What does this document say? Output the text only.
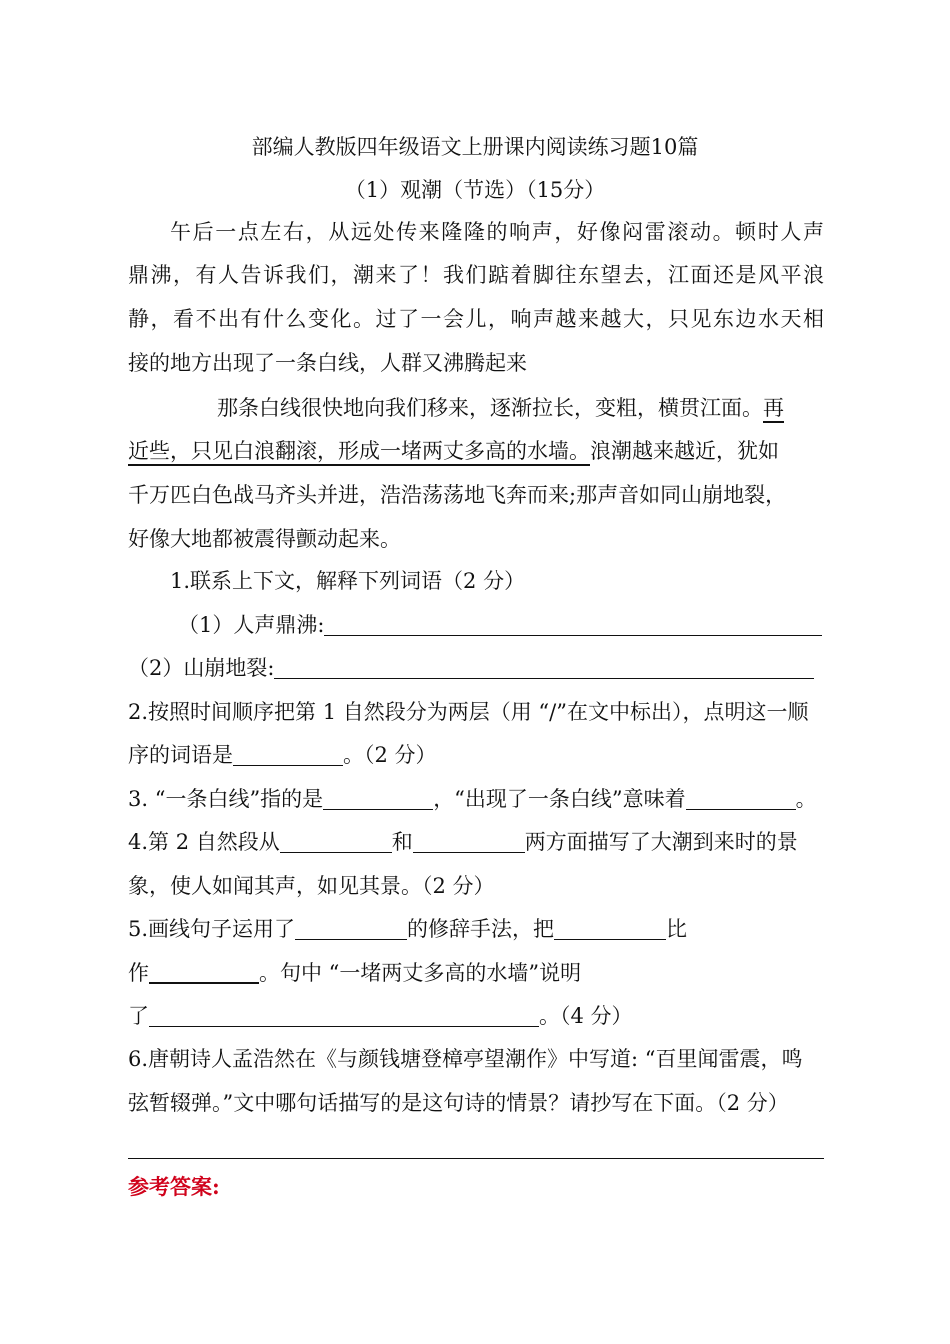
部编人教版四年级语文上册课内阅读练习题10篇
（1）观潮（节选）（15分）
午后一点左右，从远处传来隆隆的响声，好像闷雷滚动。顿时人声
鼎沸，有人告诉我们，潮来了！我们踮着脚往东望去，江面还是风平浪
静，看不出有什么变化。过了一会儿，响声越来越大，只见东边水天相
接的地方出现了一条白线，人群又沸腾起来
那条白线很快地向我们移来，逐渐拉长，变粗，横贯江面。再
近些，只见白浪翻滚，形成一堵两丈多高的水墙。浪潮越来越近，犹如
千万匹白色战马齐头并进，浩浩荡荡地飞奔而来;那声音如同山崩地裂，
好像大地都被震得颤动起来。
1.联系上下文，解释下列词语（2 分）
（1）人声鼎沸:
（2）山崩地裂:
2.按照时间顺序把第 1 自然段分为两层（用 “/”在文中标出），点明这一顺
序的词语是	。（2 分）
3. “一条白线”指的是	，“出现了一条白线”意味着	。
4.第 2 自然段从	和	两方面描写了大潮到来时的景
象，使人如闻其声，如见其景。（2 分）
5.画线句子运用了	的修辞手法，把	比
作	。句中 “一堵两丈多高的水墙”说明
了	。（4 分）
6.唐朝诗人孟浩然在《与颜钱塘登樟亭望潮作》中写道: “百里闻雷震，鸣
弦暂辍弹。”文中哪句话描写的是这句诗的情景？请抄写在下面。（2 分）
参考答案:
